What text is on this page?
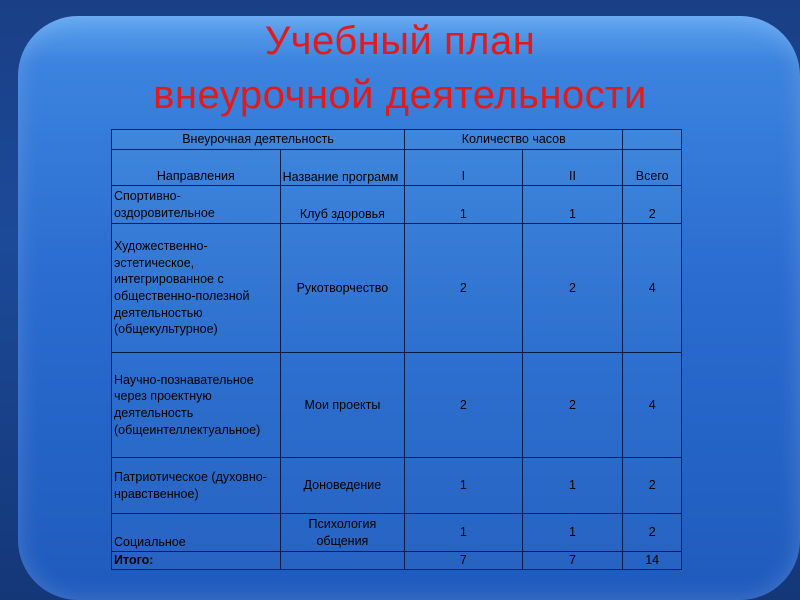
Учебный план
внеурочной деятельности
Внеурочная деятельность		Количество часов		
Направления	Название программ	I	II	Всего
Спортивно-оздоровительное	Клуб здоровья	1	1	2
Художественно-эстетическое, интегрированное с общественно-полезной деятельностью (общекультурное)	Рукотворчество	2	2	4
Научно-познавательное через проектную деятельность (общеинтеллектуальное)	Мои проекты	2	2	4
Патриотическое (духовно-нравственное)	Доноведение	1	1	2
Социальное	Психология общения	1	1	2
Итого:		7	7	14
